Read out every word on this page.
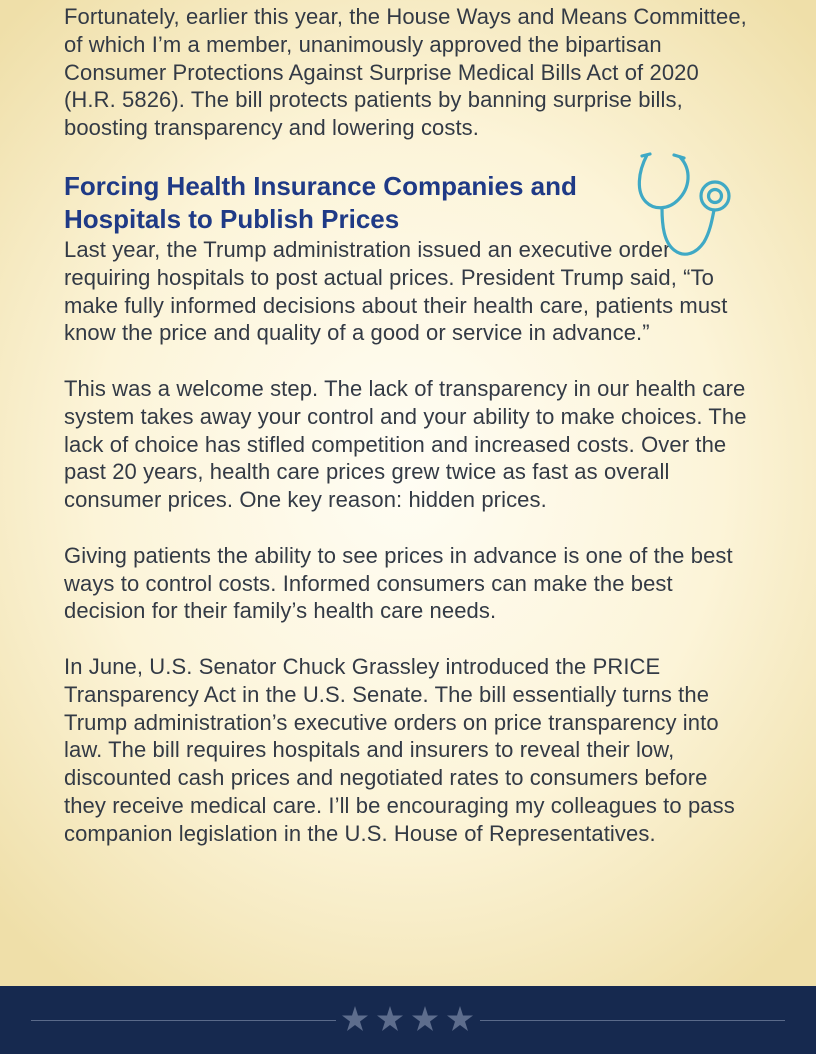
Fortunately, earlier this year, the House Ways and Means Committee, of which I’m a member, unanimously approved the bipartisan Consumer Protections Against Surprise Medical Bills Act of 2020 (H.R. 5826). The bill protects patients by banning surprise bills, boosting transparency and lowering costs.

Forcing Health Insurance Companies and Hospitals to Publish Prices

Last year, the Trump administration issued an executive order requiring hospitals to post actual prices. President Trump said, “To make fully informed decisions about their health care, patients must know the price and quality of a good or service in advance.”

This was a welcome step. The lack of transparency in our health care system takes away your control and your ability to make choices. The lack of choice has stifled competition and increased costs. Over the past 20 years, health care prices grew twice as fast as overall consumer prices. One key reason: hidden prices.

Giving patients the ability to see prices in advance is one of the best ways to control costs. Informed consumers can make the best decision for their family’s health care needs.

In June, U.S. Senator Chuck Grassley introduced the PRICE Transparency Act in the U.S. Senate. The bill essentially turns the Trump administration’s executive orders on price transparency into law. The bill requires hospitals and insurers to reveal their low, discounted cash prices and negotiated rates to consumers before they receive medical care. I’ll be encouraging my colleagues to pass companion legislation in the U.S. House of Representatives.
